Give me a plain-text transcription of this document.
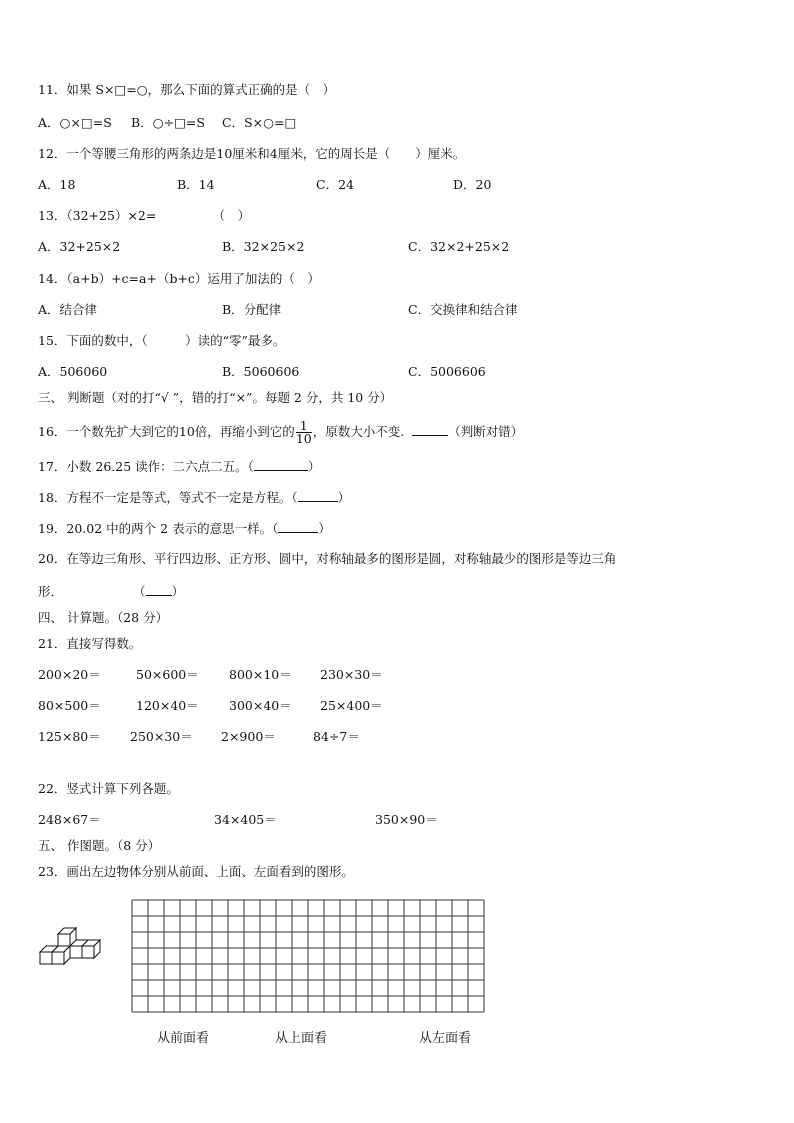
11．如果 S×□=○，那么下面的算式正确的是（　）
A．○×□=S B．○÷□=S C．S×○=□
12．一个等腰三角形的两条边是10厘米和4厘米，它的周长是（　　）厘米。
A．18	B．14	C．24	D．20
13．（32+25）×2=　　　　　（　）
A．32+25×2	B．32×25×2	C．32×2+25×2
14．（a+b）+c=a+（b+c）运用了加法的（　）
A．结合律	B．分配律	C．交换律和结合律
15．下面的数中，（　　　）读的“零”最多。
A．506060	B．5060606	C．5006606
三、 判断题（对的打“√ ”，错的打“×”。每题 2 分，共 10 分）
16．一个数先扩大到它的10倍，再缩小到它的 $\frac{1}{10}$ ，原数大小不变.	（判断对错）
17．小数 26.25 读作：二六点二五。（	）
18．方程不一定是等式，等式不一定是方程。（	）
19．20.02 中的两个 2 表示的意思一样。（	）
20．在等边三角形、平行四边形、正方形、圆中，对称轴最多的图形是圆，对称轴最少的图形是等边三角
形．	（ ）
四、 计算题。（28 分）
21．直接写得数。
200×20＝	50×600＝ 800×10＝ 230×30＝
80×500＝	120×40＝ 300×40＝ 25×400＝
125×80＝ 250×30＝ 2×900＝	84÷7＝
22．竖式计算下列各题。
248×67＝	34×405＝	350×90＝
五、 作图题。（8 分）
23．画出左边物体分别从前面、上面、左面看到的图形。
从前面看	从上面看	从左面看
